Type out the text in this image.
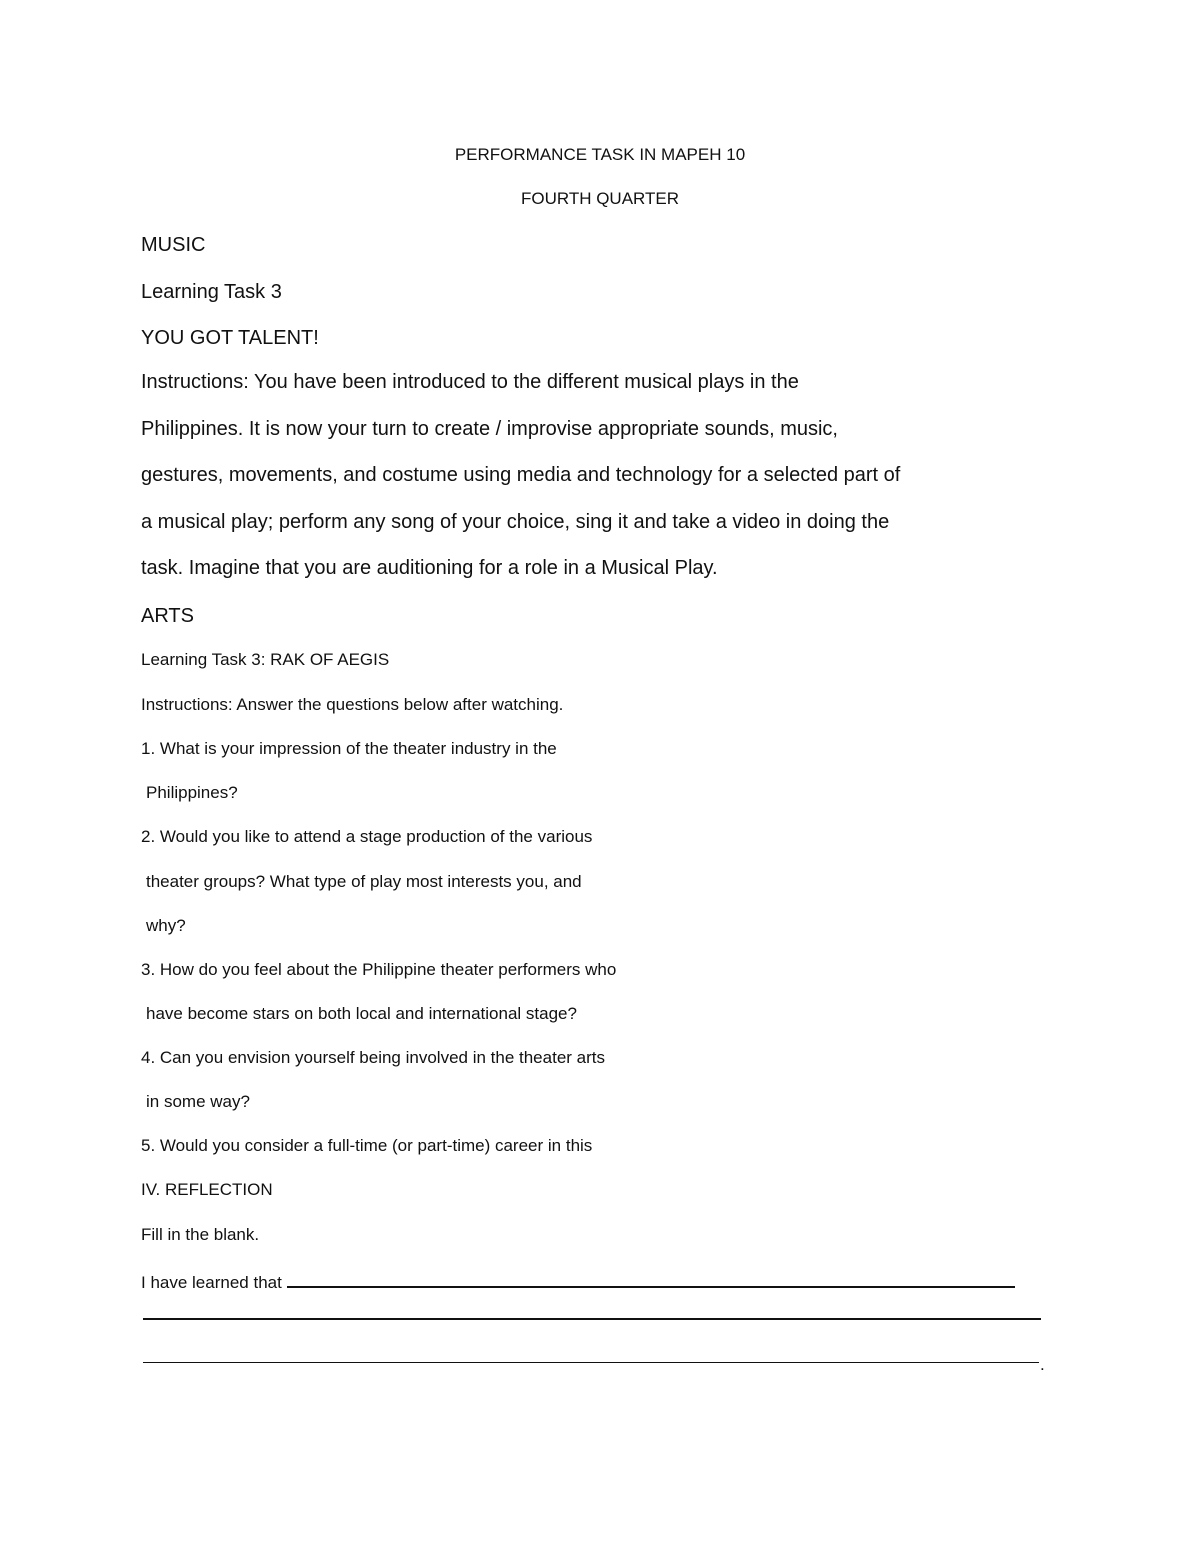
PERFORMANCE TASK IN MAPEH 10

FOURTH QUARTER

MUSIC

Learning Task 3

YOU GOT TALENT!

Instructions: You have been introduced to the different musical plays in the

Philippines. It is now your turn to create / improvise appropriate sounds, music,

gestures, movements, and costume using media and technology for a selected part of

a musical play; perform any song of your choice, sing it and take a video in doing the

task. Imagine that you are auditioning for a role in a Musical Play.

ARTS

Learning Task 3: RAK OF AEGIS

Instructions: Answer the questions below after watching.

1. What is your impression of the theater industry in the

Philippines?

2. Would you like to attend a stage production of the various

theater groups? What type of play most interests you, and

why?

3. How do you feel about the Philippine theater performers who

have become stars on both local and international stage?

4. Can you envision yourself being involved in the theater arts

in some way?

5. Would you consider a full-time (or part-time) career in this

IV. REFLECTION

Fill in the blank.

I have learned that

.
